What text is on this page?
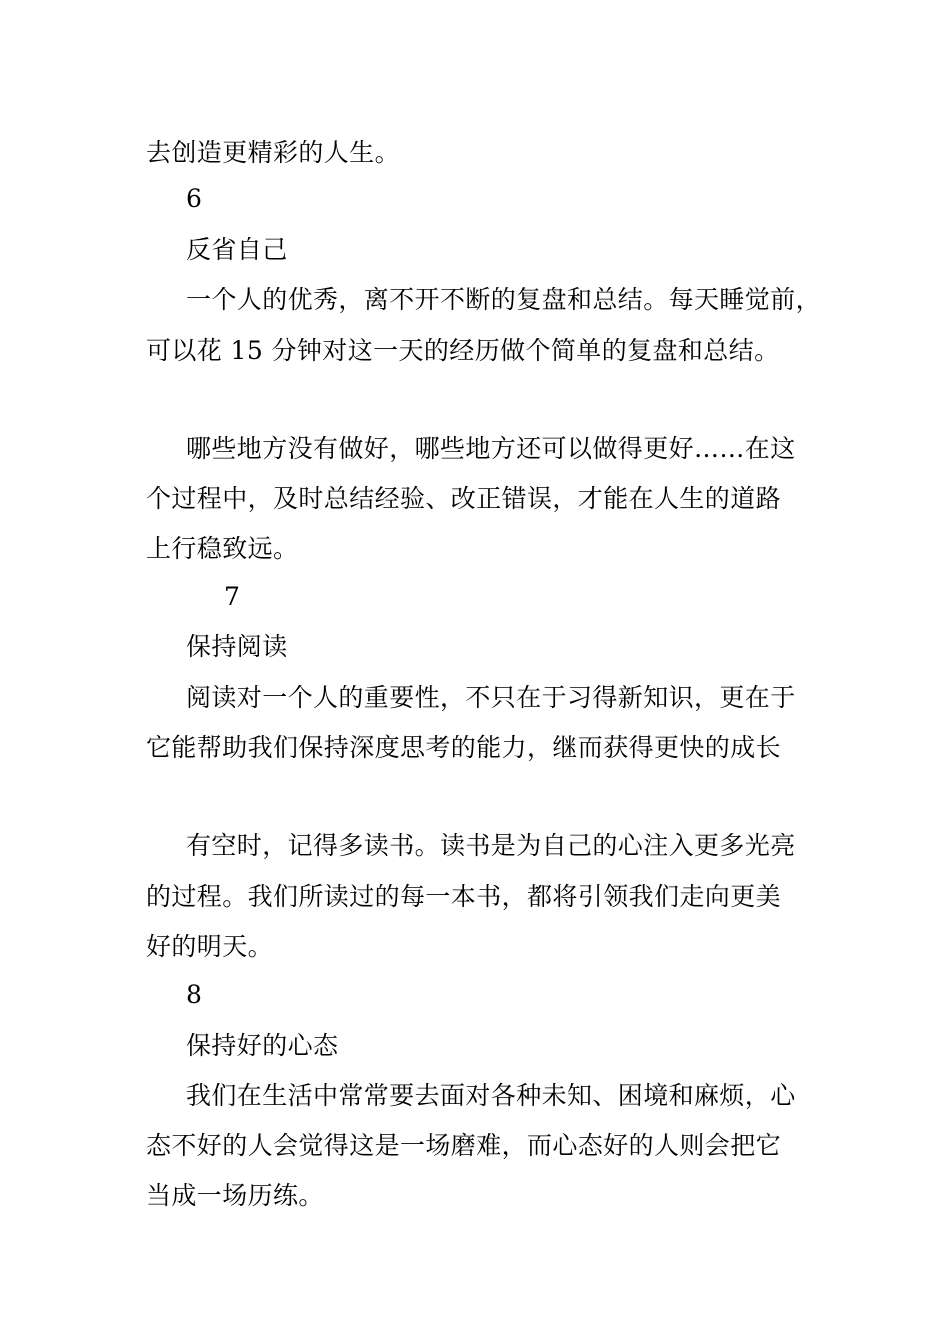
去创造更精彩的人生。
6
反省自己
一个人的优秀，离不开不断的复盘和总结。每天睡觉前，
可以花 15 分钟对这一天的经历做个简单的复盘和总结。
哪些地方没有做好，哪些地方还可以做得更好……在这
个过程中，及时总结经验、改正错误，才能在人生的道路
上行稳致远。
7
保持阅读
阅读对一个人的重要性，不只在于习得新知识，更在于
它能帮助我们保持深度思考的能力，继而获得更快的成长
有空时，记得多读书。读书是为自己的心注入更多光亮
的过程。我们所读过的每一本书，都将引领我们走向更美
好的明天。
8
保持好的心态
我们在生活中常常要去面对各种未知、困境和麻烦，心
态不好的人会觉得这是一场磨难，而心态好的人则会把它
当成一场历练。
